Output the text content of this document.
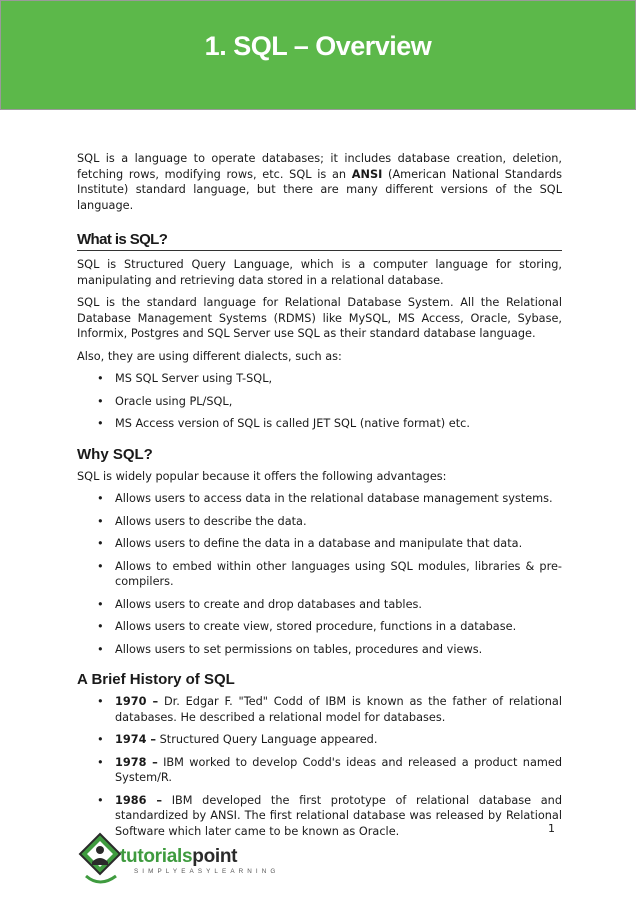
1. SQL – Overview

SQL is a language to operate databases; it includes database creation, deletion, fetching rows, modifying rows, etc. SQL is an ANSI (American National Standards Institute) standard language, but there are many different versions of the SQL language.

What is SQL?

SQL is Structured Query Language, which is a computer language for storing, manipulating and retrieving data stored in a relational database.

SQL is the standard language for Relational Database System. All the Relational Database Management Systems (RDMS) like MySQL, MS Access, Oracle, Sybase, Informix, Postgres and SQL Server use SQL as their standard database language.

Also, they are using different dialects, such as:

• MS SQL Server using T-SQL,
• Oracle using PL/SQL,
• MS Access version of SQL is called JET SQL (native format) etc.
Why SQL?

SQL is widely popular because it offers the following advantages:

• Allows users to access data in the relational database management systems.
• Allows users to describe the data.
• Allows users to define the data in a database and manipulate that data.
• Allows to embed within other languages using SQL modules, libraries & pre-compilers.
• Allows users to create and drop databases and tables.
• Allows users to create view, stored procedure, functions in a database.
• Allows users to set permissions on tables, procedures and views.
A Brief History of SQL
• 1970 – Dr. Edgar F. "Ted" Codd of IBM is known as the father of relational databases. He described a relational model for databases.
• 1974 – Structured Query Language appeared.
• 1978 – IBM worked to develop Codd's ideas and released a product named System/R.
• 1986 – IBM developed the first prototype of relational database and standardized by ANSI. The first relational database was released by Relational Software which later came to be known as Oracle.	1
tutorialspoint
SIMPLYEASYLEARNING
